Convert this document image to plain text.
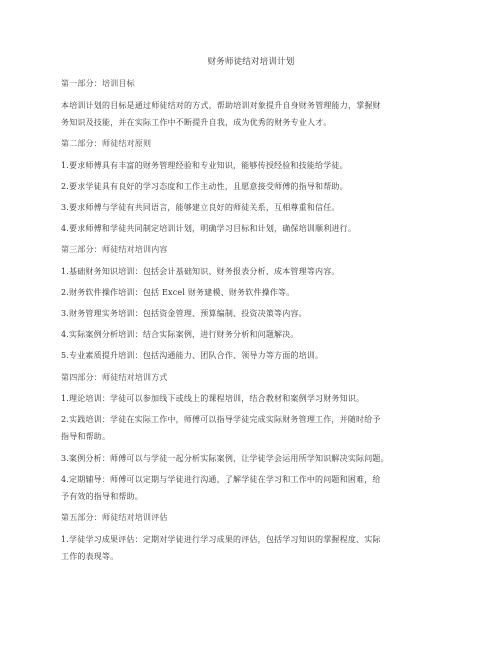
财务师徒结对培训计划
第一部分：培训目标
本培训计划的目标是通过师徒结对的方式，帮助培训对象提升自身财务管理能力，掌握财
务知识及技能，并在实际工作中不断提升自我，成为优秀的财务专业人才。
第二部分：师徒结对原则
1.要求师傅具有丰富的财务管理经验和专业知识，能够传授经验和技能给学徒。
2.要求学徒具有良好的学习态度和工作主动性，且愿意接受师傅的指导和帮助。
3.要求师傅与学徒有共同语言，能够建立良好的师徒关系，互相尊重和信任。
4.要求师傅和学徒共同制定培训计划，明确学习目标和计划，确保培训顺利进行。
第三部分：师徒结对培训内容
1.基础财务知识培训：包括会计基础知识、财务报表分析、成本管理等内容。
2.财务软件操作培训：包括 Excel 财务建模、财务软件操作等。
3.财务管理实务培训：包括资金管理、预算编制、投资决策等内容。
4.实际案例分析培训：结合实际案例，进行财务分析和问题解决。
5.专业素质提升培训：包括沟通能力、团队合作、领导力等方面的培训。
第四部分：师徒结对培训方式
1.理论培训：学徒可以参加线下或线上的课程培训，结合教材和案例学习财务知识。
2.实践培训：学徒在实际工作中，师傅可以指导学徒完成实际财务管理工作，并随时给予
指导和帮助。
3.案例分析：师傅可以与学徒一起分析实际案例，让学徒学会运用所学知识解决实际问题。
4.定期辅导：师傅可以定期与学徒进行沟通，了解学徒在学习和工作中的问题和困难，给
予有效的指导和帮助。
第五部分：师徒结对培训评估
1.学徒学习成果评估：定期对学徒进行学习成果的评估，包括学习知识的掌握程度、实际
工作的表现等。
